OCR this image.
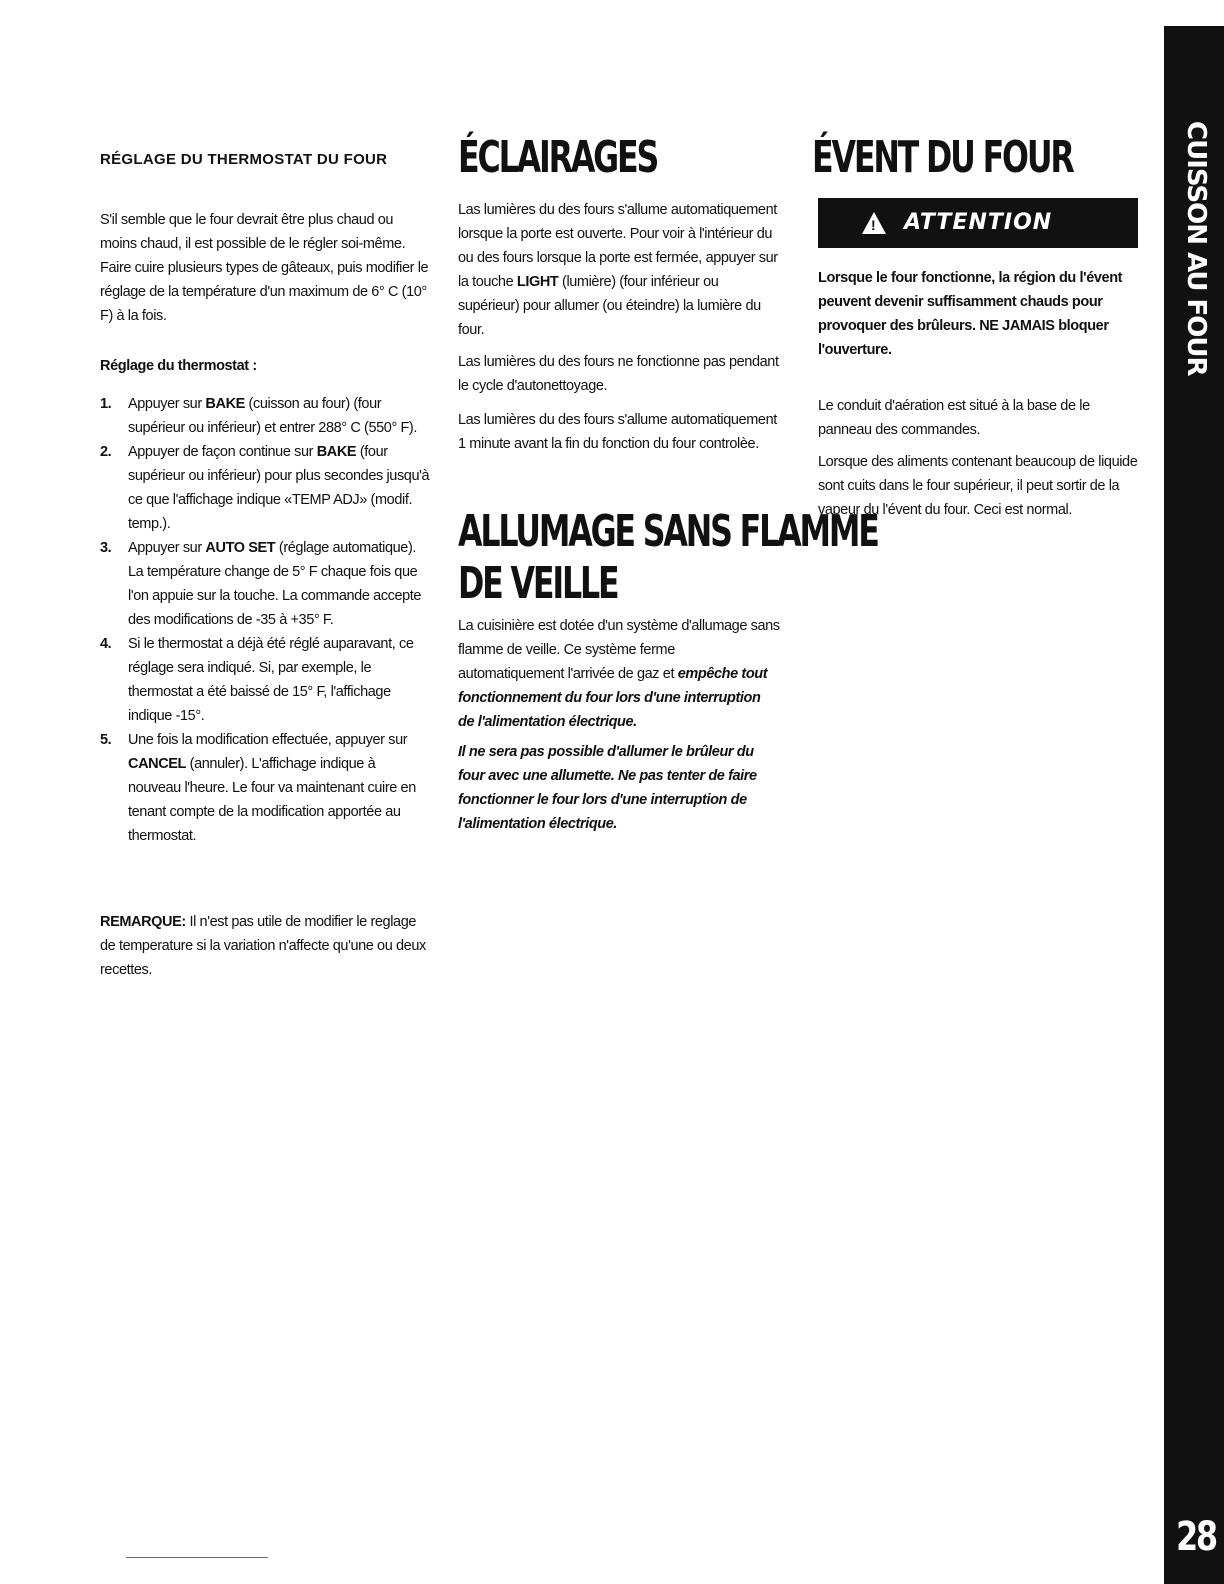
RÉGLAGE DU THERMOSTAT DU FOUR

S'il semble que le four devrait être plus chaud ou moins chaud, il est possible de le régler soi-même. Faire cuire plusieurs types de gâteaux, puis modifier le réglage de la température d'un maximum de 6° C (10° F) à la fois.

Réglage du thermostat :

1. Appuyer sur BAKE (cuisson au four) (four supérieur ou inférieur) et entrer 288° C (550° F).
2. Appuyer de façon continue sur BAKE (four supérieur ou inférieur) pour plus secondes jusqu'à ce que l'affichage indique «TEMP ADJ» (modif. temp.).
3. Appuyer sur AUTO SET (réglage automatique). La température change de 5° F chaque fois que l'on appuie sur la touche. La commande accepte des modifications de -35 à +35° F.
4. Si le thermostat a déjà été réglé auparavant, ce réglage sera indiqué. Si, par exemple, le thermostat a été baissé de 15° F, l'affichage indique -15°.
5. Une fois la modification effectuée, appuyer sur CANCEL (annuler). L'affichage indique à nouveau l'heure. Le four va maintenant cuire en tenant compte de la modification apportée au thermostat.

REMARQUE: Il n'est pas utile de modifier le reglage de temperature si la variation n'affecte qu'une ou deux recettes.

ÉCLAIRAGES

Las lumières du des fours s'allume automatiquement lorsque la porte est ouverte. Pour voir à l'intérieur du ou des fours lorsque la porte est fermée, appuyer sur la touche LIGHT (lumière) (four inférieur ou supérieur) pour allumer (ou éteindre) la lumière du four.

Las lumières du des fours ne fonctionne pas pendant le cycle d'autonettoyage.

Las lumières du des fours s'allume automatiquement 1 minute avant la fin du fonction du four controlèe.

ALLUMAGE SANS FLAMME
DE VEILLE

La cuisinière est dotée d'un système d'allumage sans flamme de veille. Ce système ferme automatiquement l'arrivée de gaz et empêche tout fonctionnement du four lors d'une interruption de l'alimentation électrique.

Il ne sera pas possible d'allumer le brûleur du four avec une allumette. Ne pas tenter de faire fonctionner le four lors d'une interruption de l'alimentation électrique.

ÉVENT DU FOUR
! ATTENTION

Lorsque le four fonctionne, la région du l'évent peuvent devenir suffisamment chauds pour provoquer des brûleurs. NE JAMAIS bloquer l'ouverture.

Le conduit d'aération est situé à la base de le panneau des commandes.

Lorsque des aliments contenant beaucoup de liquide sont cuits dans le four supérieur, il peut sortir de la vapeur du l'évent du four. Ceci est normal.

CUISSON AU FOUR
28
